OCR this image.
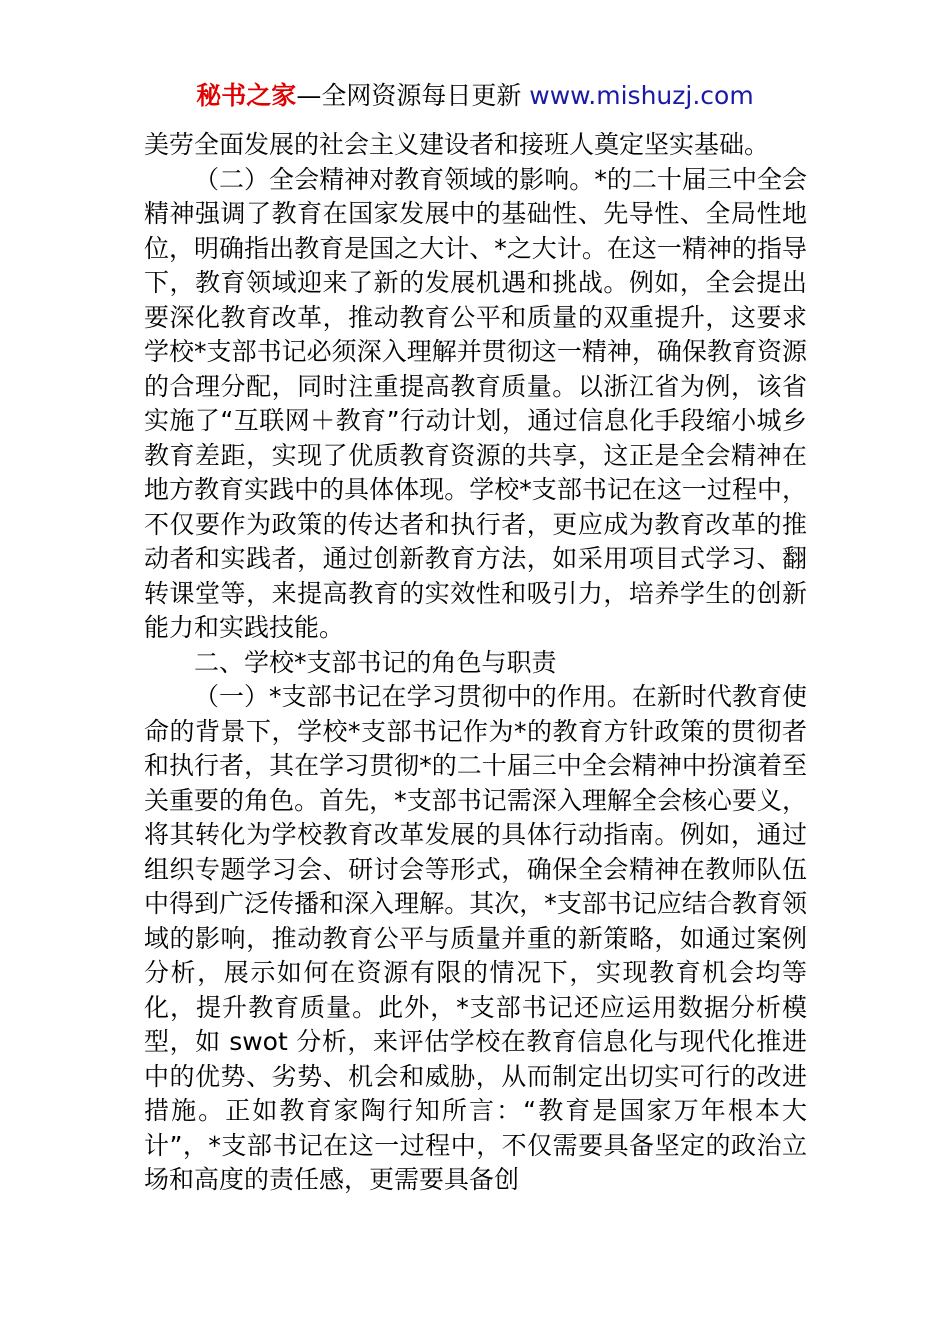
秘书之家—全网资源每日更新 www.mishuzj.com

美劳全面发展的社会主义建设者和接班人奠定坚实基础。

（二）全会精神对教育领域的影响。*的二十届三中全会精神强调了教育在国家发展中的基础性、先导性、全局性地位，明确指出教育是国之大计、*之大计。在这一精神的指导下，教育领域迎来了新的发展机遇和挑战。例如，全会提出要深化教育改革，推动教育公平和质量的双重提升，这要求学校*支部书记必须深入理解并贯彻这一精神，确保教育资源的合理分配，同时注重提高教育质量。以浙江省为例，该省实施了“互联网＋教育”行动计划，通过信息化手段缩小城乡教育差距，实现了优质教育资源的共享，这正是全会精神在地方教育实践中的具体体现。学校*支部书记在这一过程中，不仅要作为政策的传达者和执行者，更应成为教育改革的推动者和实践者，通过创新教育方法，如采用项目式学习、翻转课堂等，来提高教育的实效性和吸引力，培养学生的创新能力和实践技能。

二、学校*支部书记的角色与职责

（一）*支部书记在学习贯彻中的作用。在新时代教育使命的背景下，学校*支部书记作为*的教育方针政策的贯彻者和执行者，其在学习贯彻*的二十届三中全会精神中扮演着至关重要的角色。首先，*支部书记需深入理解全会核心要义，将其转化为学校教育改革发展的具体行动指南。例如，通过组织专题学习会、研讨会等形式，确保全会精神在教师队伍中得到广泛传播和深入理解。其次，*支部书记应结合教育领域的影响，推动教育公平与质量并重的新策略，如通过案例分析，展示如何在资源有限的情况下，实现教育机会均等化，提升教育质量。此外，*支部书记还应运用数据分析模型，如 swot 分析，来评估学校在教育信息化与现代化推进中的优势、劣势、机会和威胁，从而制定出切实可行的改进措施。正如教育家陶行知所言：“教育是国家万年根本大计”，*支部书记在这一过程中，不仅需要具备坚定的政治立场和高度的责任感，更需要具备创
